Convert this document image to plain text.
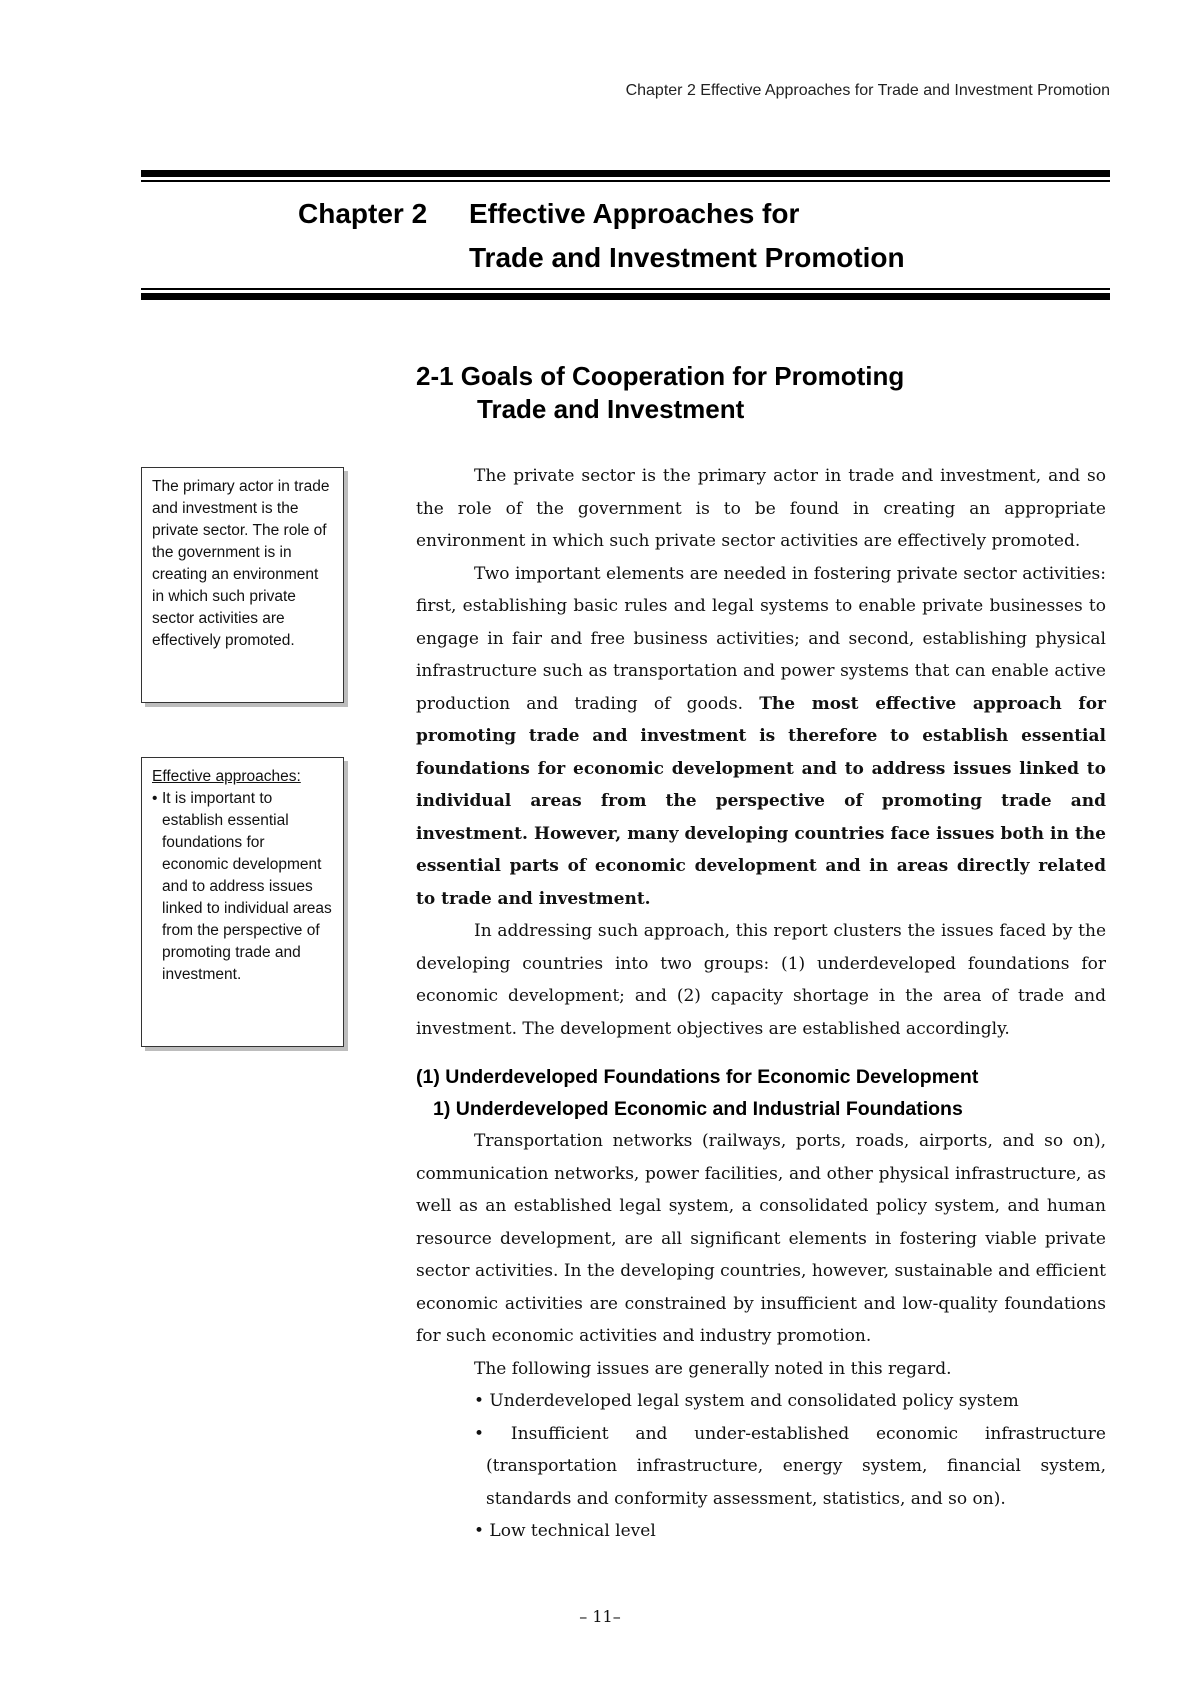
Chapter 2 Effective Approaches for Trade and Investment Promotion
Chapter 2 Effective Approaches for
Trade and Investment Promotion
2-1 Goals of Cooperation for Promoting
Trade and Investment
The primary actor in trade and investment is the private sector. The role of the government is in creating an environment in which such private sector activities are effectively promoted.
Effective approaches:
• It is important to establish essential foundations for economic development and to address issues linked to individual areas from the perspective of promoting trade and investment.

The private sector is the primary actor in trade and investment, and so the role of the government is to be found in creating an appropriate environment in which such private sector activities are effectively promoted.

Two important elements are needed in fostering private sector activities: first, establishing basic rules and legal systems to enable private businesses to engage in fair and free business activities; and second, establishing physical infrastructure such as transportation and power systems that can enable active production and trading of goods. The most effective approach for promoting trade and investment is therefore to establish essential foundations for economic development and to address issues linked to individual areas from the perspective of promoting trade and investment. However, many developing countries face issues both in the essential parts of economic development and in areas directly related to trade and investment.

In addressing such approach, this report clusters the issues faced by the developing countries into two groups: (1) underdeveloped foundations for economic development; and (2) capacity shortage in the area of trade and investment. The development objectives are established accordingly.

(1) Underdeveloped Foundations for Economic Development
1) Underdeveloped Economic and Industrial Foundations

Transportation networks (railways, ports, roads, airports, and so on), communication networks, power facilities, and other physical infrastructure, as well as an established legal system, a consolidated policy system, and human resource development, are all significant elements in fostering viable private sector activities. In the developing countries, however, sustainable and efficient economic activities are constrained by insufficient and low-quality foundations for such economic activities and industry promotion.

The following issues are generally noted in this regard.

• Underdeveloped legal system and consolidated policy system

• Insufficient and under-established economic infrastructure (transportation infrastructure, energy system, financial system, standards and conformity assessment, statistics, and so on).

• Low technical level

– 11–
